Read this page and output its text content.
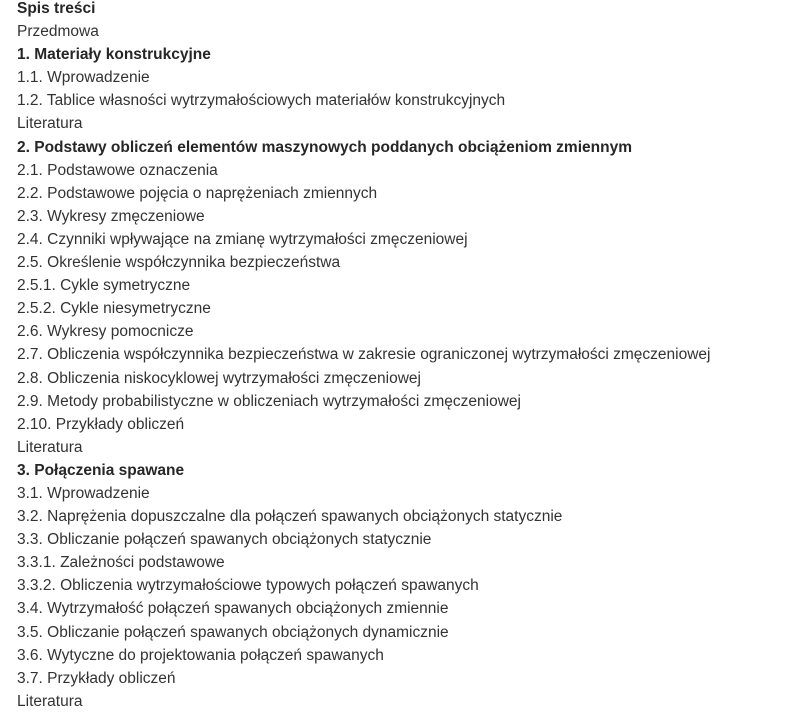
Spis treści
Przedmowa
1. Materiały konstrukcyjne
1.1. Wprowadzenie
1.2. Tablice własności wytrzymałościowych materiałów konstrukcyjnych
Literatura
2. Podstawy obliczeń elementów maszynowych poddanych obciążeniom zmiennym
2.1. Podstawowe oznaczenia
2.2. Podstawowe pojęcia o naprężeniach zmiennych
2.3. Wykresy zmęczeniowe
2.4. Czynniki wpływające na zmianę wytrzymałości zmęczeniowej
2.5. Określenie współczynnika bezpieczeństwa
2.5.1. Cykle symetryczne
2.5.2. Cykle niesymetryczne
2.6. Wykresy pomocnicze
2.7. Obliczenia współczynnika bezpieczeństwa w zakresie ograniczonej wytrzymałości zmęczeniowej
2.8. Obliczenia niskocyklowej wytrzymałości zmęczeniowej
2.9. Metody probabilistyczne w obliczeniach wytrzymałości zmęczeniowej
2.10. Przykłady obliczeń
Literatura
3. Połączenia spawane
3.1. Wprowadzenie
3.2. Naprężenia dopuszczalne dla połączeń spawanych obciążonych statycznie
3.3. Obliczanie połączeń spawanych obciążonych statycznie
3.3.1. Zależności podstawowe
3.3.2. Obliczenia wytrzymałościowe typowych połączeń spawanych
3.4. Wytrzymałość połączeń spawanych obciążonych zmiennie
3.5. Obliczanie połączeń spawanych obciążonych dynamicznie
3.6. Wytyczne do projektowania połączeń spawanych
3.7. Przykłady obliczeń
Literatura
